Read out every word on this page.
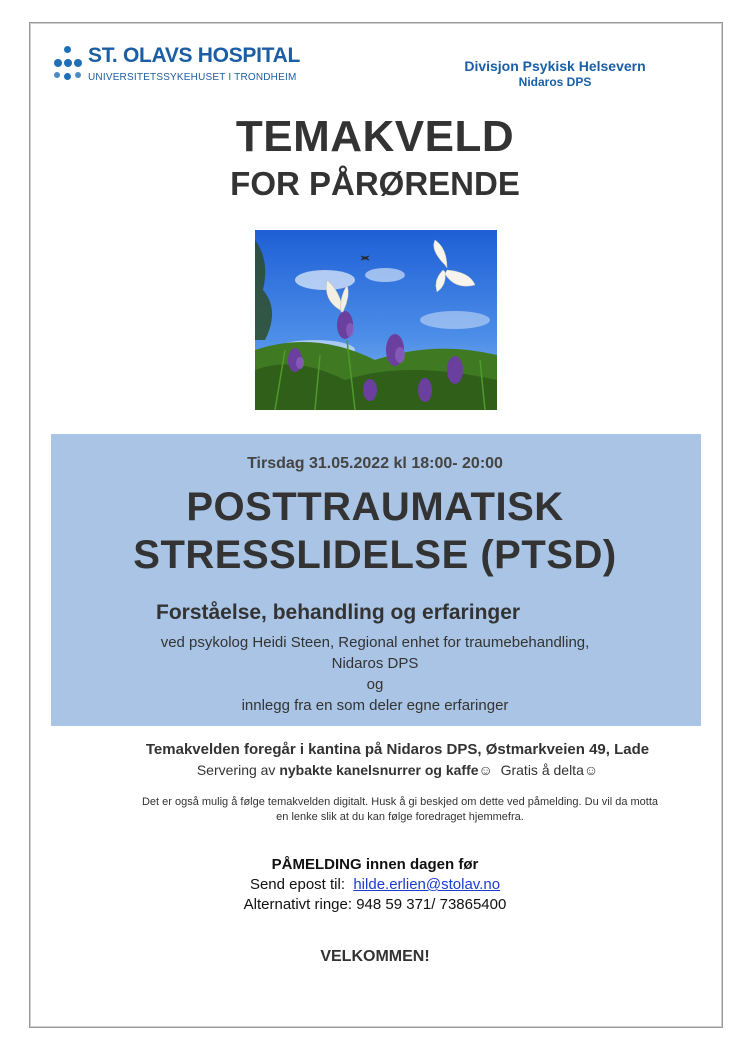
ST. OLAVS HOSPITAL
UNIVERSITETSSYKEHUSET I TRONDHEIM
Divisjon Psykisk Helsevern
Nidaros DPS
TEMAKVELD
FOR PÅRØRENDE
Tirsdag 31.05.2022 kl 18:00- 20:00
POSTTRAUMATISK
STRESSLIDELSE (PTSD)
Forståelse, behandling og erfaringer
ved psykolog Heidi Steen, Regional enhet for traumebehandling,
Nidaros DPS
og
innlegg fra en som deler egne erfaringer
Temakvelden foregår i kantina på Nidaros DPS, Østmarkveien 49, Lade
Servering av nybakte kanelsnurrer og kaffe☺  Gratis å delta☺
Det er også mulig å følge temakvelden digitalt. Husk å gi beskjed om dette ved påmelding. Du vil da motta
en lenke slik at du kan følge foredraget hjemmefra.
PÅMELDING innen dagen før
Send epost til:  hilde.erlien@stolav.no
Alternativt ringe: 948 59 371/ 73865400
VELKOMMEN!
